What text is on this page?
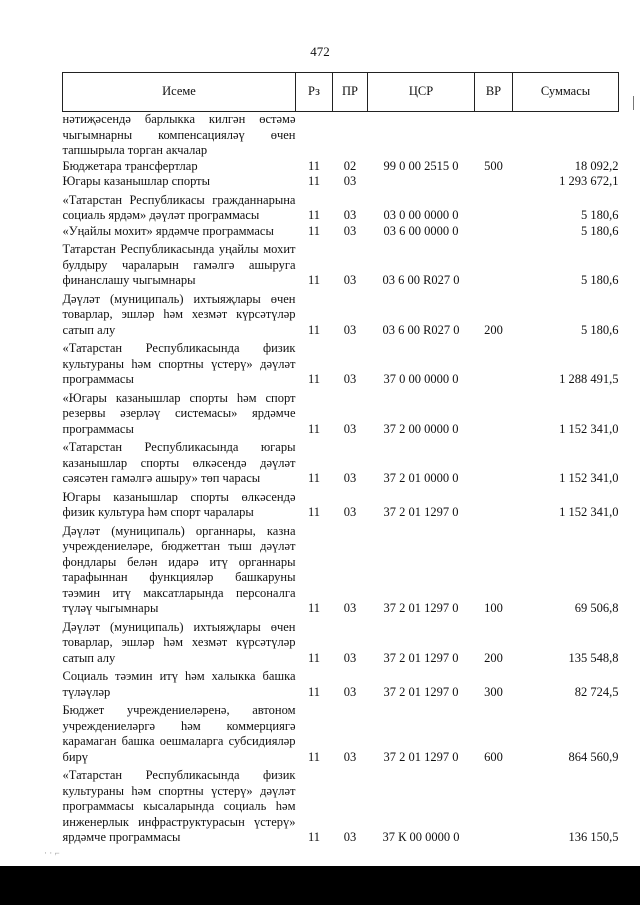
472
Исеме	Рз	ПР	ЦСР	ВР	Суммасы
нәтиҗәсендә барлыкка килгән өстәмә чыгымнарны компенсацияләү өчен тапшырыла торган акчалар					
Бюджетара трансфертлар	11	02	99 0 00 2515 0	500	18 092,2
Югары казанышлар спорты	11	03			1 293 672,1
«Татарстан Республикасы гражданнарына социаль ярдәм» дәүләт программасы	11	03	03 0 00 0000 0		5 180,6
«Уңайлы мохит» ярдәмче программасы	11	03	03 6 00 0000 0		5 180,6
Татарстан Республикасында уңайлы мохит булдыру чараларын гамәлгә ашыруга финанслашу чыгымнары	11	03	03 6 00 R027 0		5 180,6
Дәүләт (муниципаль) ихтыяҗлары өчен товарлар, эшләр һәм хезмәт күрсәтүләр сатып алу	11	03	03 6 00 R027 0	200	5 180,6
«Татарстан Республикасында физик культураны һәм спортны үстерү» дәүләт программасы	11	03	37 0 00 0000 0		1 288 491,5
«Югары казанышлар спорты һәм спорт резервы әзерләү системасы» ярдәмче программасы	11	03	37 2 00 0000 0		1 152 341,0
«Татарстан Республикасында югары казанышлар спорты өлкәсендә дәүләт сәясәтен гамәлгә ашыру» төп чарасы	11	03	37 2 01 0000 0		1 152 341,0
Югары казанышлар спорты өлкәсендә физик культура һәм спорт чаралары	11	03	37 2 01 1297 0		1 152 341,0
Дәүләт (муниципаль) органнары, казна учреждениеләре, бюджеттан тыш дәүләт фондлары белән идарә итү органнары тарафыннан функцияләр башкаруны тәэмин итү максатларында персоналга түләү чыгымнары	11	03	37 2 01 1297 0	100	69 506,8
Дәүләт (муниципаль) ихтыяҗлары өчен товарлар, эшләр һәм хезмәт күрсәтүләр сатып алу	11	03	37 2 01 1297 0	200	135 548,8
Социаль тәэмин итү һәм халыкка башка түләүләр	11	03	37 2 01 1297 0	300	82 724,5
Бюджет учреждениеләренә, автоном учреждениеләргә һәм коммерциягә карамаган башка оешмаларга субсидияләр бирү	11	03	37 2 01 1297 0	600	864 560,9
«Татарстан Республикасында физик культураны һәм спортны үстерү» дәүләт программасы кысаларында социаль һәм инженерлык инфраструктурасын үстерү» ярдәмче программасы	11	03	37 К 00 0000 0		136 150,5
· · ⌐
